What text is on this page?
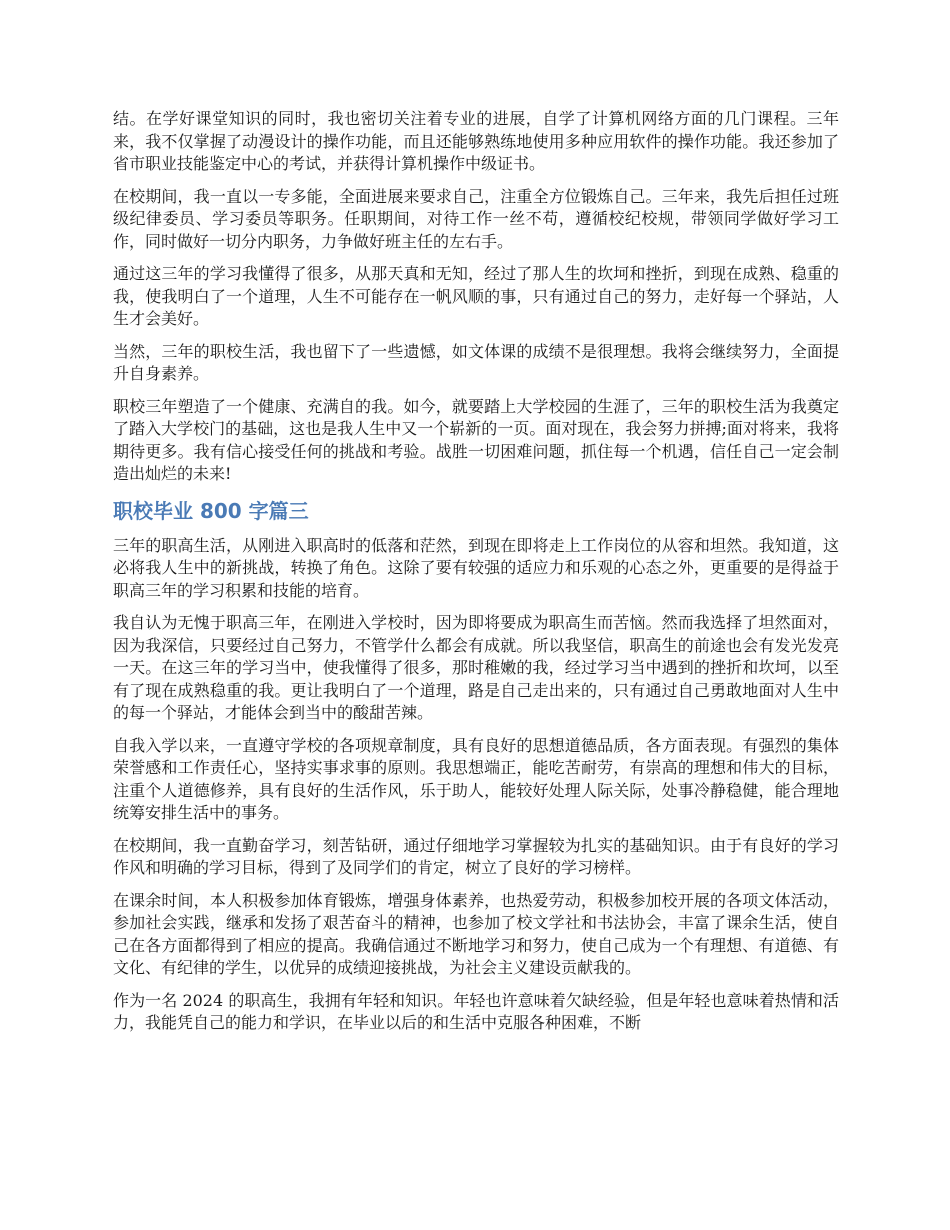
结。在学好课堂知识的同时，我也密切关注着专业的进展，自学了计算机网络方面的几门课程。三年来，我不仅掌握了动漫设计的操作功能，而且还能够熟练地使用多种应用软件的操作功能。我还参加了省市职业技能鉴定中心的考试，并获得计算机操作中级证书。

在校期间，我一直以一专多能，全面进展来要求自己，注重全方位锻炼自己。三年来，我先后担任过班级纪律委员、学习委员等职务。任职期间，对待工作一丝不苟，遵循校纪校规，带领同学做好学习工作，同时做好一切分内职务，力争做好班主任的左右手。

通过这三年的学习我懂得了很多，从那天真和无知，经过了那人生的坎坷和挫折，到现在成熟、稳重的我，使我明白了一个道理，人生不可能存在一帆风顺的事，只有通过自己的努力，走好每一个驿站，人生才会美好。

当然，三年的职校生活，我也留下了一些遗憾，如文体课的成绩不是很理想。我将会继续努力，全面提升自身素养。

职校三年塑造了一个健康、充满自的我。如今，就要踏上大学校园的生涯了，三年的职校生活为我奠定了踏入大学校门的基础，这也是我人生中又一个崭新的一页。面对现在，我会努力拼搏;面对将来，我将期待更多。我有信心接受任何的挑战和考验。战胜一切困难问题，抓住每一个机遇，信任自己一定会制造出灿烂的未来!

职校毕业 800 字篇三

三年的职高生活，从刚进入职高时的低落和茫然，到现在即将走上工作岗位的从容和坦然。我知道，这必将我人生中的新挑战，转换了角色。这除了要有较强的适应力和乐观的心态之外，更重要的是得益于职高三年的学习积累和技能的培育。

我自认为无愧于职高三年，在刚进入学校时，因为即将要成为职高生而苦恼。然而我选择了坦然面对，因为我深信，只要经过自己努力，不管学什么都会有成就。所以我坚信，职高生的前途也会有发光发亮一天。在这三年的学习当中，使我懂得了很多，那时稚嫩的我，经过学习当中遇到的挫折和坎坷，以至有了现在成熟稳重的我。更让我明白了一个道理，路是自己走出来的，只有通过自己勇敢地面对人生中的每一个驿站，才能体会到当中的酸甜苦辣。

自我入学以来，一直遵守学校的各项规章制度，具有良好的思想道德品质，各方面表现。有强烈的集体荣誉感和工作责任心，坚持实事求事的原则。我思想端正，能吃苦耐劳，有崇高的理想和伟大的目标，注重个人道德修养，具有良好的生活作风，乐于助人，能较好处理人际关际，处事冷静稳健，能合理地统筹安排生活中的事务。

在校期间，我一直勤奋学习，刻苦钻研，通过仔细地学习掌握较为扎实的基础知识。由于有良好的学习作风和明确的学习目标，得到了及同学们的肯定，树立了良好的学习榜样。

在课余时间，本人积极参加体育锻炼，增强身体素养，也热爱劳动，积极参加校开展的各项文体活动，参加社会实践，继承和发扬了艰苦奋斗的精神，也参加了校文学社和书法协会，丰富了课余生活，使自己在各方面都得到了相应的提高。我确信通过不断地学习和努力，使自己成为一个有理想、有道德、有文化、有纪律的学生，以优异的成绩迎接挑战，为社会主义建设贡献我的。

作为一名 2024 的职高生，我拥有年轻和知识。年轻也许意味着欠缺经验，但是年轻也意味着热情和活力，我能凭自己的能力和学识，在毕业以后的和生活中克服各种困难，不断
